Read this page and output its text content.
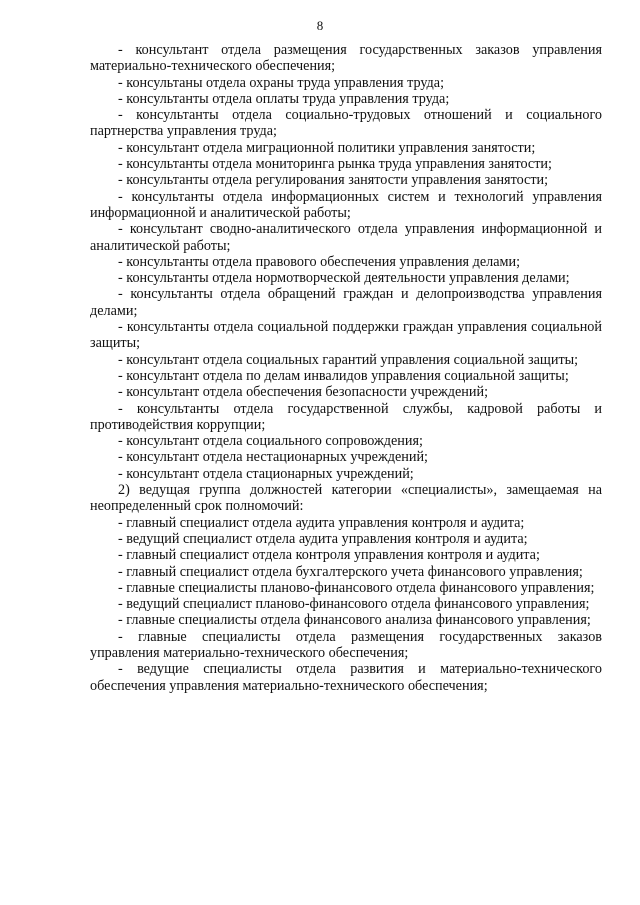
8

- консультант отдела размещения государственных заказов управления материально-технического обеспечения;

- консультаны отдела охраны труда управления труда;

- консультанты отдела оплаты труда управления труда;

- консультанты отдела социально-трудовых отношений и социального партнерства управления труда;

- консультант отдела миграционной политики управления занятости;

- консультанты отдела мониторинга рынка труда управления занятости;

- консультанты отдела регулирования занятости управления занятости;

- консультанты отдела информационных систем и технологий управления информационной и аналитической работы;

- консультант сводно-аналитического отдела управления информационной и аналитической работы;

- консультанты отдела правового обеспечения управления делами;

- консультанты отдела нормотворческой деятельности управления делами;

- консультанты отдела обращений граждан и делопроизводства управления делами;

- консультанты отдела социальной поддержки граждан управления социальной защиты;

- консультант отдела социальных гарантий управления социальной защиты;

- консультант отдела по делам инвалидов управления социальной защиты;

- консультант отдела обеспечения безопасности учреждений;

- консультанты отдела государственной службы, кадровой работы и противодействия коррупции;

- консультант отдела социального сопровождения;

- консультант отдела нестационарных учреждений;

- консультант отдела стационарных учреждений;

2) ведущая группа должностей категории «специалисты», замещаемая на неопределенный срок полномочий:

- главный специалист отдела аудита управления контроля и аудита;

- ведущий специалист отдела аудита управления контроля и аудита;

- главный специалист отдела контроля управления контроля и аудита;

- главный специалист отдела бухгалтерского учета финансового управления;

- главные специалисты планово-финансового отдела финансового управления;

- ведущий специалист планово-финансового отдела финансового управления;

- главные специалисты отдела финансового анализа финансового управления;

- главные специалисты отдела размещения государственных заказов управления материально-технического обеспечения;

- ведущие специалисты отдела развития и материально-технического обеспечения управления материально-технического обеспечения;
